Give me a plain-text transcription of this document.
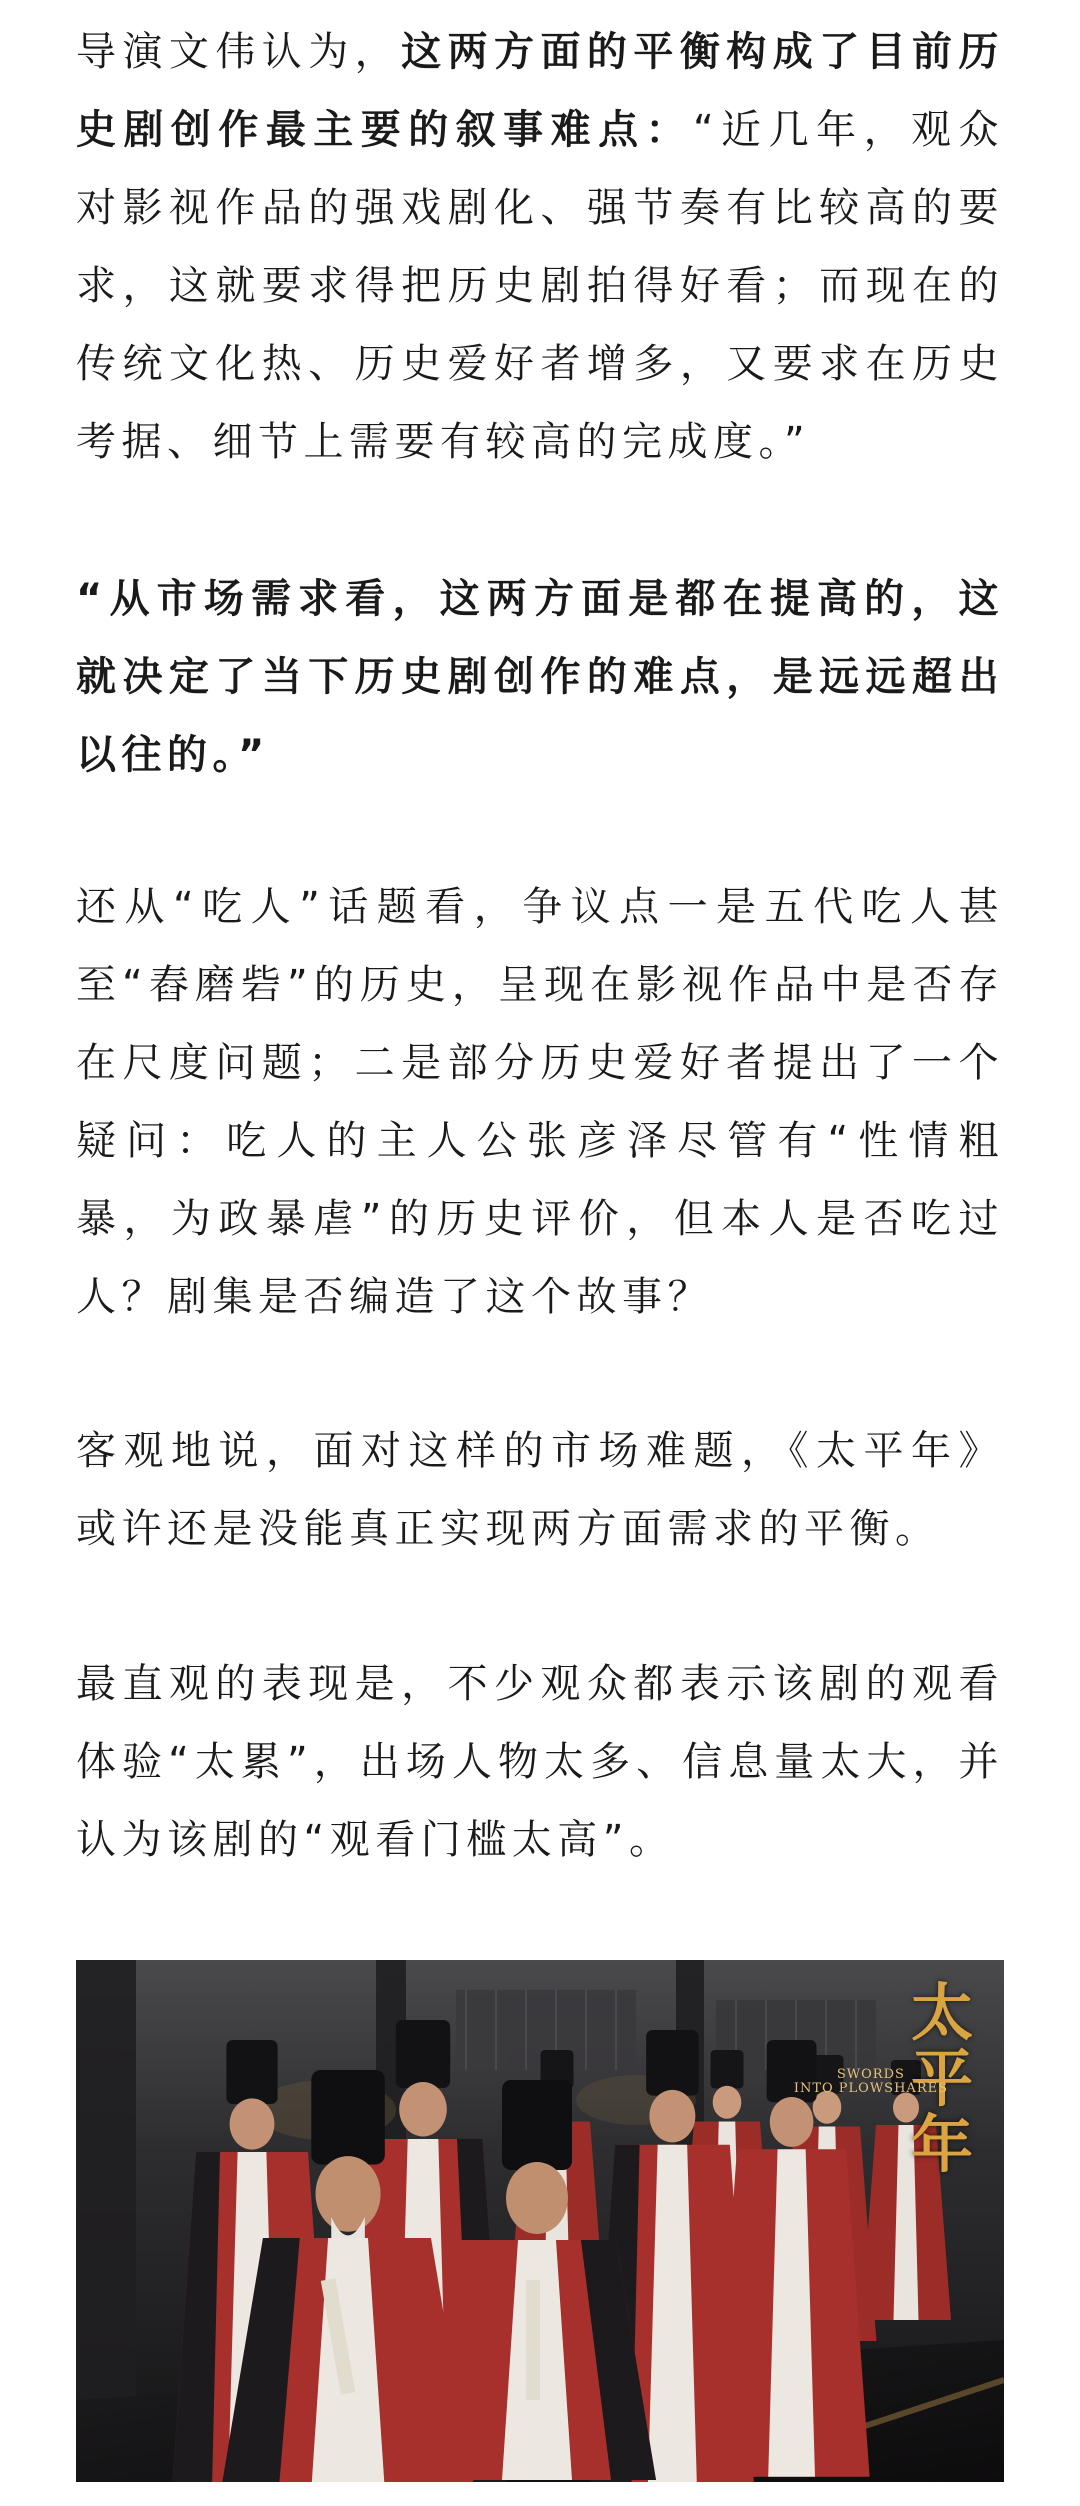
导演文伟认为，这两方面的平衡构成了目前历史剧创作最主要的叙事难点：“近几年，观众对影视作品的强戏剧化、强节奏有比较高的要求，这就要求得把历史剧拍得好看；而现在的传统文化热、历史爱好者增多，又要求在历史考据、细节上需要有较高的完成度。”

“从市场需求看，这两方面是都在提高的，这就决定了当下历史剧创作的难点，是远远超出以往的。”

还从“吃人”话题看，争议点一是五代吃人甚至“舂磨砦”的历史，呈现在影视作品中是否存在尺度问题；二是部分历史爱好者提出了一个疑问：吃人的主人公张彦泽尽管有“性情粗暴，为政暴虐”的历史评价，但本人是否吃过人？剧集是否编造了这个故事？

客观地说，面对这样的市场难题，《太平年》或许还是没能真正实现两方面需求的平衡。

最直观的表现是，不少观众都表示该剧的观看体验“太累”，出场人物太多、信息量太大，并认为该剧的“观看门槛太高”。

太
平
年
SWORDS
INTO PLOWSHARES
